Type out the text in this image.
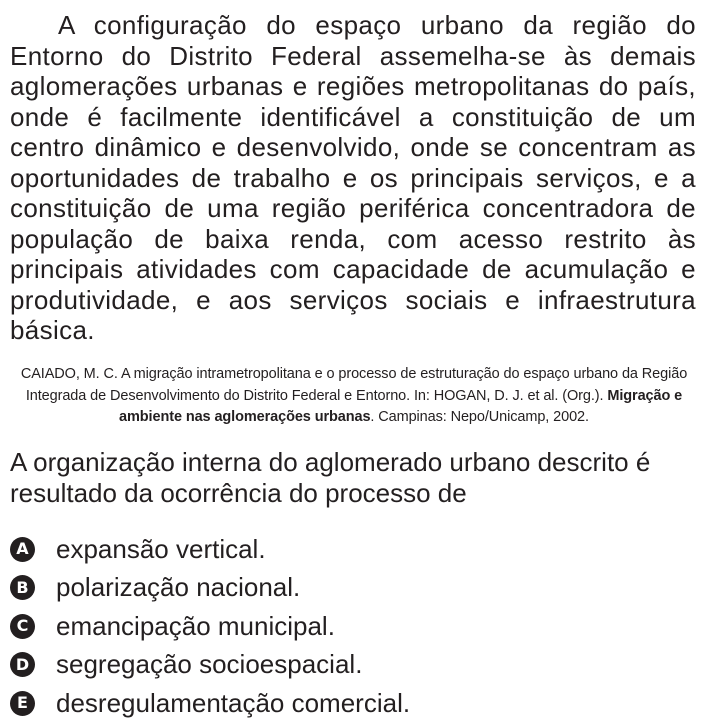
A configuração do espaço urbano da região do Entorno do Distrito Federal assemelha-se às demais aglomerações urbanas e regiões metropolitanas do país, onde é facilmente identificável a constituição de um centro dinâmico e desenvolvido, onde se concentram as oportunidades de trabalho e os principais serviços, e a constituição de uma região periférica concentradora de população de baixa renda, com acesso restrito às principais atividades com capacidade de acumulação e produtividade, e aos serviços sociais e infraestrutura básica.

CAIADO, M. C. A migração intrametropolitana e o processo de estruturação do espaço urbano da Região Integrada de Desenvolvimento do Distrito Federal e Entorno. In: HOGAN, D. J. et al. (Org.). Migração e ambiente nas aglomerações urbanas. Campinas: Nepo/Unicamp, 2002.

A organização interna do aglomerado urbano descrito é resultado da ocorrência do processo de

A expansão vertical.
B polarização nacional.
C emancipação municipal.
D segregação socioespacial.
E desregulamentação comercial.
